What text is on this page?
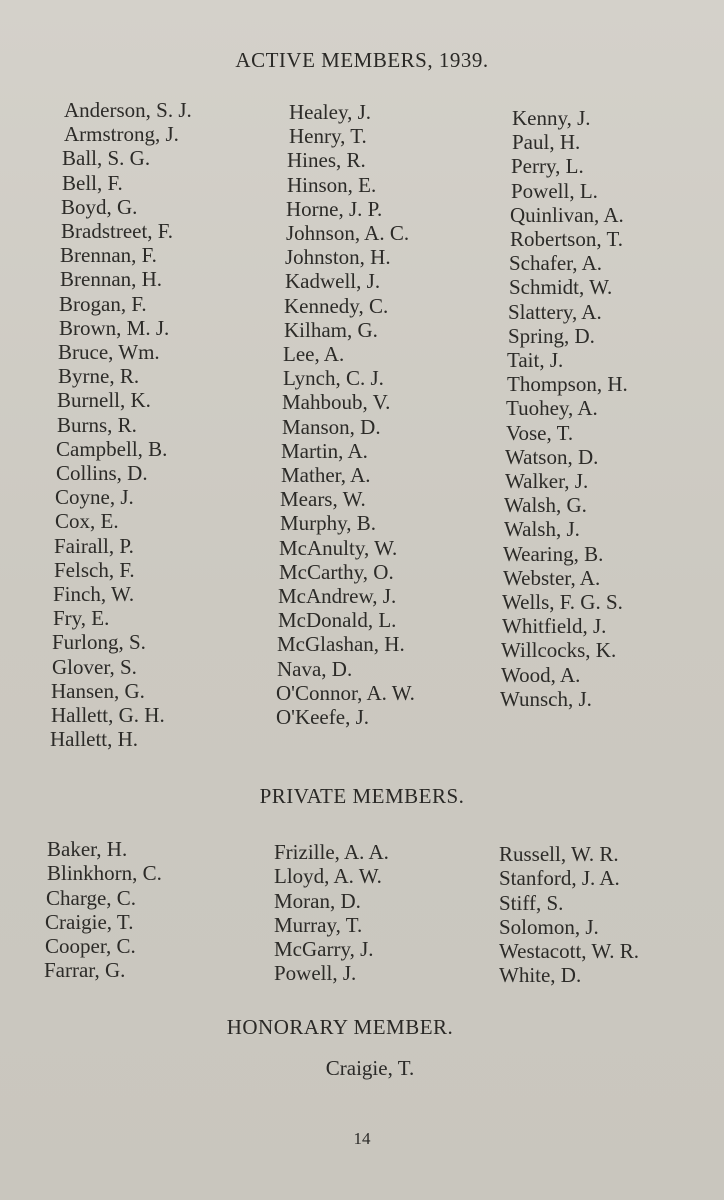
ACTIVE MEMBERS, 1939.
Anderson, S. J.
Armstrong, J.
Ball, S. G.
Bell, F.
Boyd, G.
Bradstreet, F.
Brennan, F.
Brennan, H.
Brogan, F.
Brown, M. J.
Bruce, Wm.
Byrne, R.
Burnell, K.
Burns, R.
Campbell, B.
Collins, D.
Coyne, J.
Cox, E.
Fairall, P.
Felsch, F.
Finch, W.
Fry, E.
Furlong, S.
Glover, S.
Hansen, G.
Hallett, G. H.
Hallett, H.
Healey, J.
Henry, T.
Hines, R.
Hinson, E.
Horne, J. P.
Johnson, A. C.
Johnston, H.
Kadwell, J.
Kennedy, C.
Kilham, G.
Lee, A.
Lynch, C. J.
Mahboub, V.
Manson, D.
Martin, A.
Mather, A.
Mears, W.
Murphy, B.
McAnulty, W.
McCarthy, O.
McAndrew, J.
McDonald, L.
McGlashan, H.
Nava, D.
O'Connor, A. W.
O'Keefe, J.
Kenny, J.
Paul, H.
Perry, L.
Powell, L.
Quinlivan, A.
Robertson, T.
Schafer, A.
Schmidt, W.
Slattery, A.
Spring, D.
Tait, J.
Thompson, H.
Tuohey, A.
Vose, T.
Watson, D.
Walker, J.
Walsh, G.
Walsh, J.
Wearing, B.
Webster, A.
Wells, F. G. S.
Whitfield, J.
Willcocks, K.
Wood, A.
Wunsch, J.
PRIVATE MEMBERS.
Baker, H.
Blinkhorn, C.
Charge, C.
Craigie, T.
Cooper, C.
Farrar, G.
Frizille, A. A.
Lloyd, A. W.
Moran, D.
Murray, T.
McGarry, J.
Powell, J.
Russell, W. R.
Stanford, J. A.
Stiff, S.
Solomon, J.
Westacott, W. R.
White, D.
HONORARY MEMBER.
Craigie, T.
14
